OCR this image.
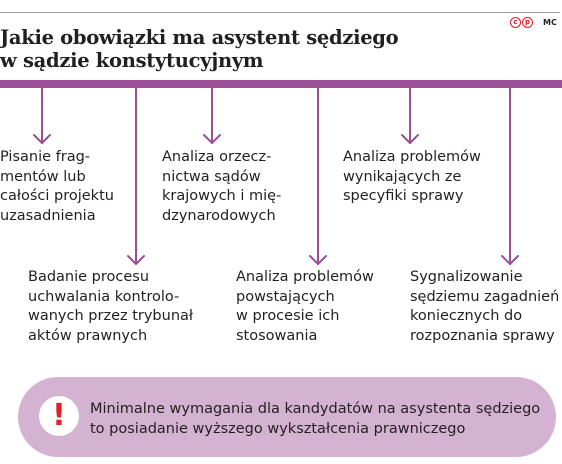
Jakie obowiązki ma asystent sędziego
w sądzie konstytucyjnym
c	p	MC
Pisanie frag-
mentów lub
całości projektu
uzasadnienia
Badanie procesu
uchwalania kontrolo-
wanych przez trybunał
aktów prawnych
Analiza orzecz-
nictwa sądów
krajowych i mię-
dzynarodowych
Analiza problemów
powstających
w procesie ich
stosowania
Analiza problemów
wynikających ze
specyfiki sprawy
Sygnalizowanie
sędziemu zagadnień
koniecznych do
rozpoznania sprawy
!	Minimalne wymagania dla kandydatów na asystenta sędziego
to posiadanie wyższego wykształcenia prawniczego
